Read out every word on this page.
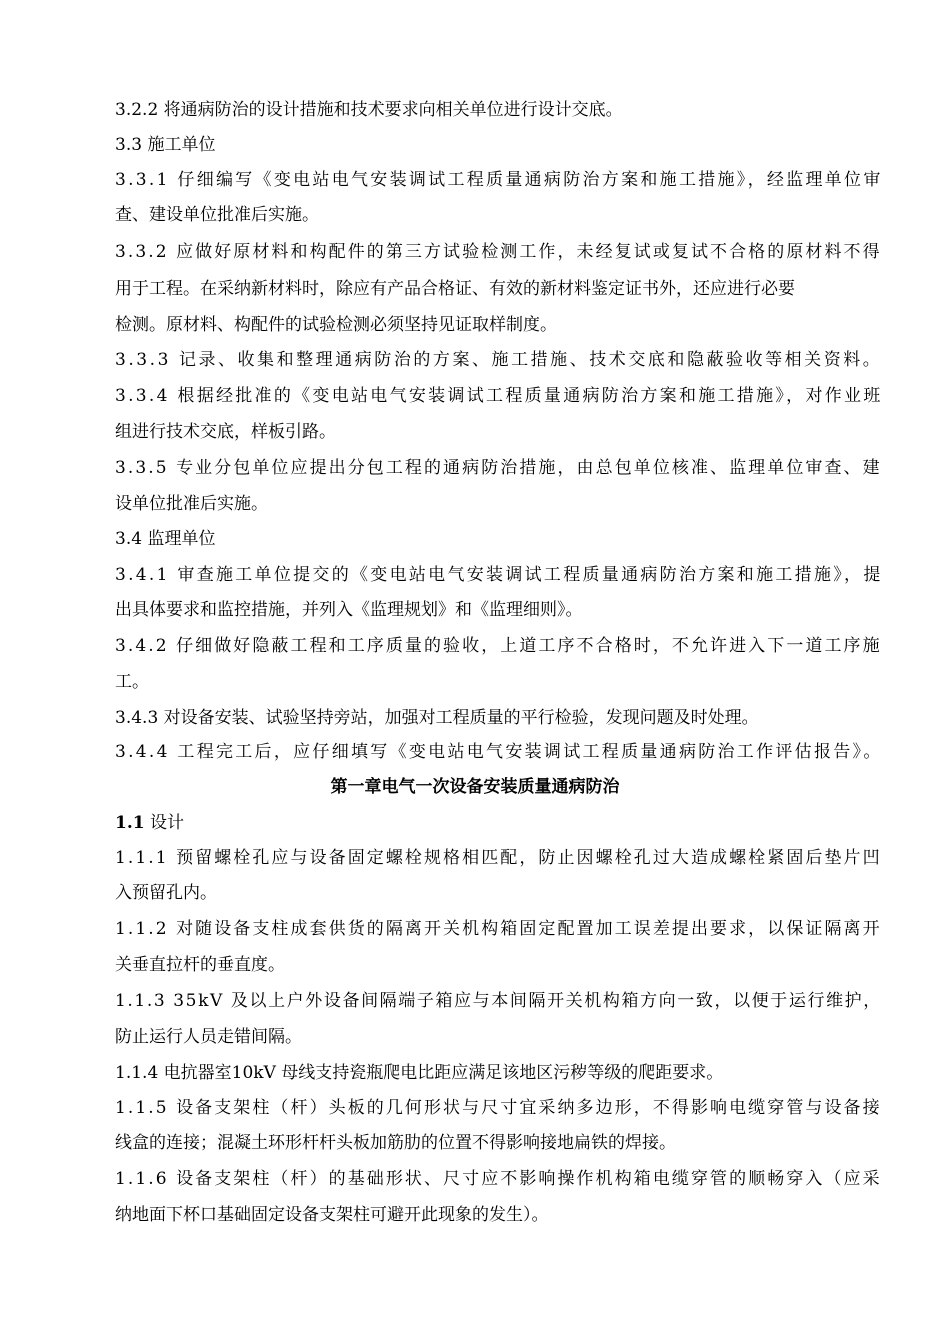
3.2.2 将通病防治的设计措施和技术要求向相关单位进行设计交底。
3.3 施工单位
3.3.1 仔细编写《变电站电气安装调试工程质量通病防治方案和施工措施》，经监理单位审
查、建设单位批准后实施。
3.3.2 应做好原材料和构配件的第三方试验检测工作，未经复试或复试不合格的原材料不得
用于工程。在采纳新材料时，除应有产品合格证、有效的新材料鉴定证书外，还应进行必要
检测。原材料、构配件的试验检测必须坚持见证取样制度。
3.3.3 记录、收集和整理通病防治的方案、施工措施、技术交底和隐蔽验收等相关资料。
3.3.4 根据经批准的《变电站电气安装调试工程质量通病防治方案和施工措施》，对作业班
组进行技术交底，样板引路。
3.3.5 专业分包单位应提出分包工程的通病防治措施，由总包单位核准、监理单位审查、建
设单位批准后实施。
3.4 监理单位
3.4.1 审查施工单位提交的《变电站电气安装调试工程质量通病防治方案和施工措施》，提
出具体要求和监控措施，并列入《监理规划》和《监理细则》。
3.4.2 仔细做好隐蔽工程和工序质量的验收，上道工序不合格时，不允许进入下一道工序施
工。
3.4.3 对设备安装、试验坚持旁站，加强对工程质量的平行检验，发现问题及时处理。
3.4.4 工程完工后，应仔细填写《变电站电气安装调试工程质量通病防治工作评估报告》。
第一章电气一次设备安装质量通病防治
1.1 设计
1.1.1 预留螺栓孔应与设备固定螺栓规格相匹配，防止因螺栓孔过大造成螺栓紧固后垫片凹
入预留孔内。
1.1.2 对随设备支柱成套供货的隔离开关机构箱固定配置加工误差提出要求，以保证隔离开
关垂直拉杆的垂直度。
1.1.3 35kV 及以上户外设备间隔端子箱应与本间隔开关机构箱方向一致，以便于运行维护，
防止运行人员走错间隔。
1.1.4 电抗器室10kV 母线支持瓷瓶爬电比距应满足该地区污秽等级的爬距要求。
1.1.5 设备支架柱（杆）头板的几何形状与尺寸宜采纳多边形，不得影响电缆穿管与设备接
线盒的连接；混凝土环形杆杆头板加筋肋的位置不得影响接地扁铁的焊接。
1.1.6 设备支架柱（杆）的基础形状、尺寸应不影响操作机构箱电缆穿管的顺畅穿入（应采
纳地面下杯口基础固定设备支架柱可避开此现象的发生）。
